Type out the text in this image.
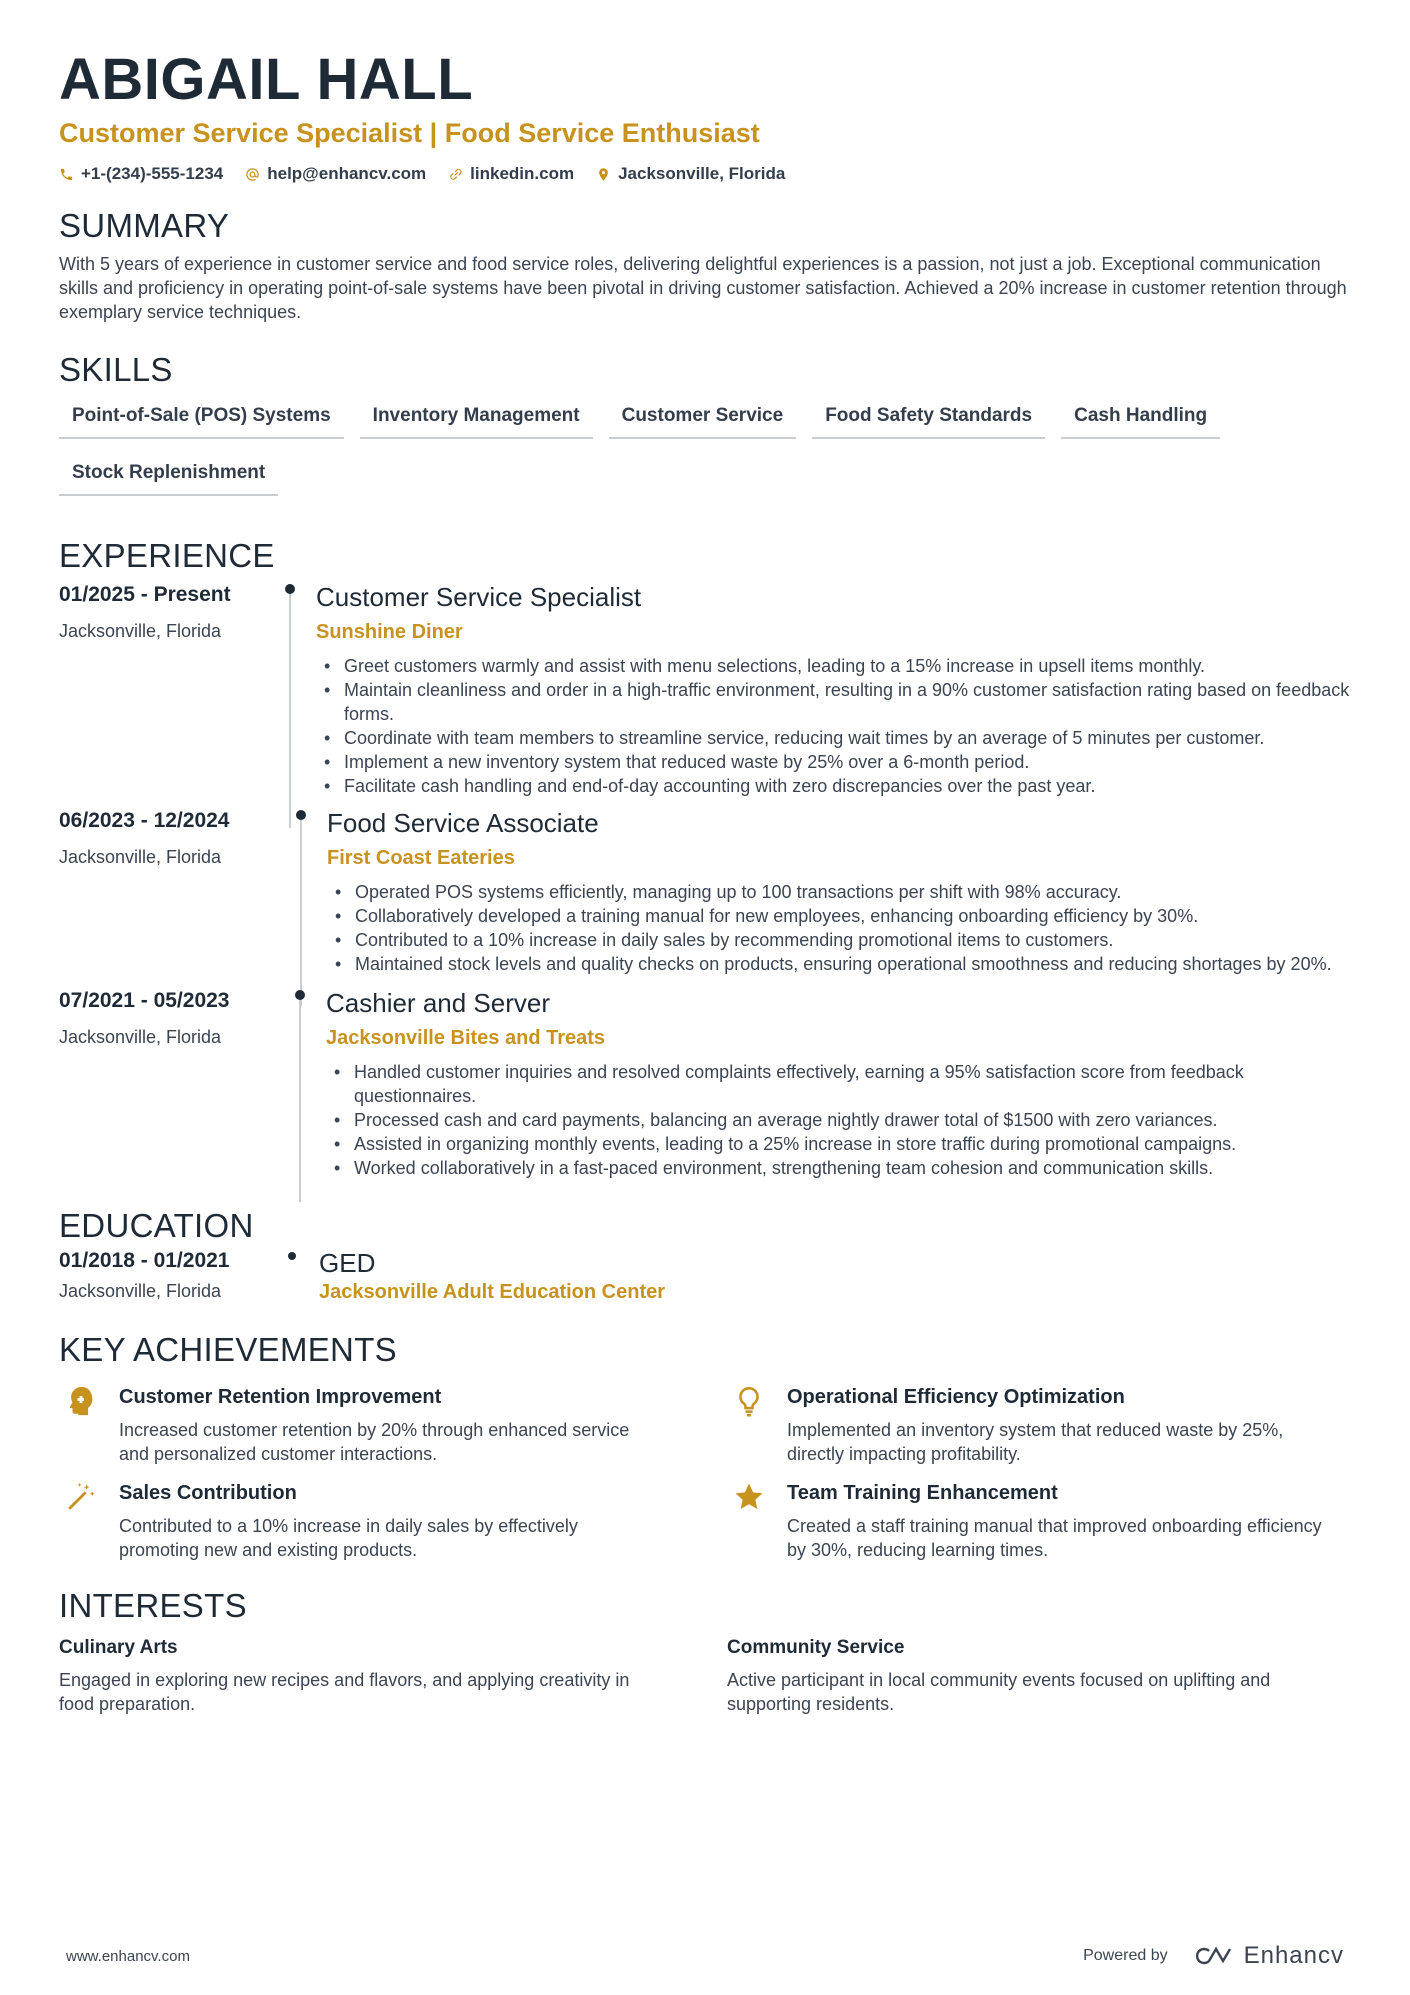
ABIGAIL HALL
Customer Service Specialist | Food Service Enthusiast
+1-(234)-555-1234	help@enhancv.com	linkedin.com	Jacksonville, Florida
SUMMARY

With 5 years of experience in customer service and food service roles, delivering delightful experiences is a passion, not just a job. Exceptional communication skills and proficiency in operating point-of-sale systems have been pivotal in driving customer satisfaction. Achieved a 20% increase in customer retention through exemplary service techniques.

SKILLS
Point-of-Sale (POS) Systems	Inventory Management	Customer Service	Food Safety Standards	Cash Handling
Stock Replenishment
EXPERIENCE
01/2025 - Present
Jacksonville, Florida
Customer Service Specialist
Sunshine Diner
• Greet customers warmly and assist with menu selections, leading to a 15% increase in upsell items monthly.
• Maintain cleanliness and order in a high-traffic environment, resulting in a 90% customer satisfaction rating based on feedback forms.
• Coordinate with team members to streamline service, reducing wait times by an average of 5 minutes per customer.
• Implement a new inventory system that reduced waste by 25% over a 6-month period.
• Facilitate cash handling and end-of-day accounting with zero discrepancies over the past year.
06/2023 - 12/2024
Jacksonville, Florida
Food Service Associate
First Coast Eateries
• Operated POS systems efficiently, managing up to 100 transactions per shift with 98% accuracy.
• Collaboratively developed a training manual for new employees, enhancing onboarding efficiency by 30%.
• Contributed to a 10% increase in daily sales by recommending promotional items to customers.
• Maintained stock levels and quality checks on products, ensuring operational smoothness and reducing shortages by 20%.
07/2021 - 05/2023
Jacksonville, Florida
Cashier and Server
Jacksonville Bites and Treats
• Handled customer inquiries and resolved complaints effectively, earning a 95% satisfaction score from feedback questionnaires.
• Processed cash and card payments, balancing an average nightly drawer total of $1500 with zero variances.
• Assisted in organizing monthly events, leading to a 25% increase in store traffic during promotional campaigns.
• Worked collaboratively in a fast-paced environment, strengthening team cohesion and communication skills.
EDUCATION
01/2018 - 01/2021
Jacksonville, Florida
GED
Jacksonville Adult Education Center
KEY ACHIEVEMENTS
Customer Retention Improvement
Increased customer retention by 20% through enhanced service and personalized customer interactions.
Operational Efficiency Optimization
Implemented an inventory system that reduced waste by 25%, directly impacting profitability.
Sales Contribution
Contributed to a 10% increase in daily sales by effectively promoting new and existing products.
Team Training Enhancement
Created a staff training manual that improved onboarding efficiency by 30%, reducing learning times.
INTERESTS
Culinary Arts
Engaged in exploring new recipes and flavors, and applying creativity in food preparation.
Community Service
Active participant in local community events focused on uplifting and supporting residents.
www.enhancv.com	Powered by	Enhancv
